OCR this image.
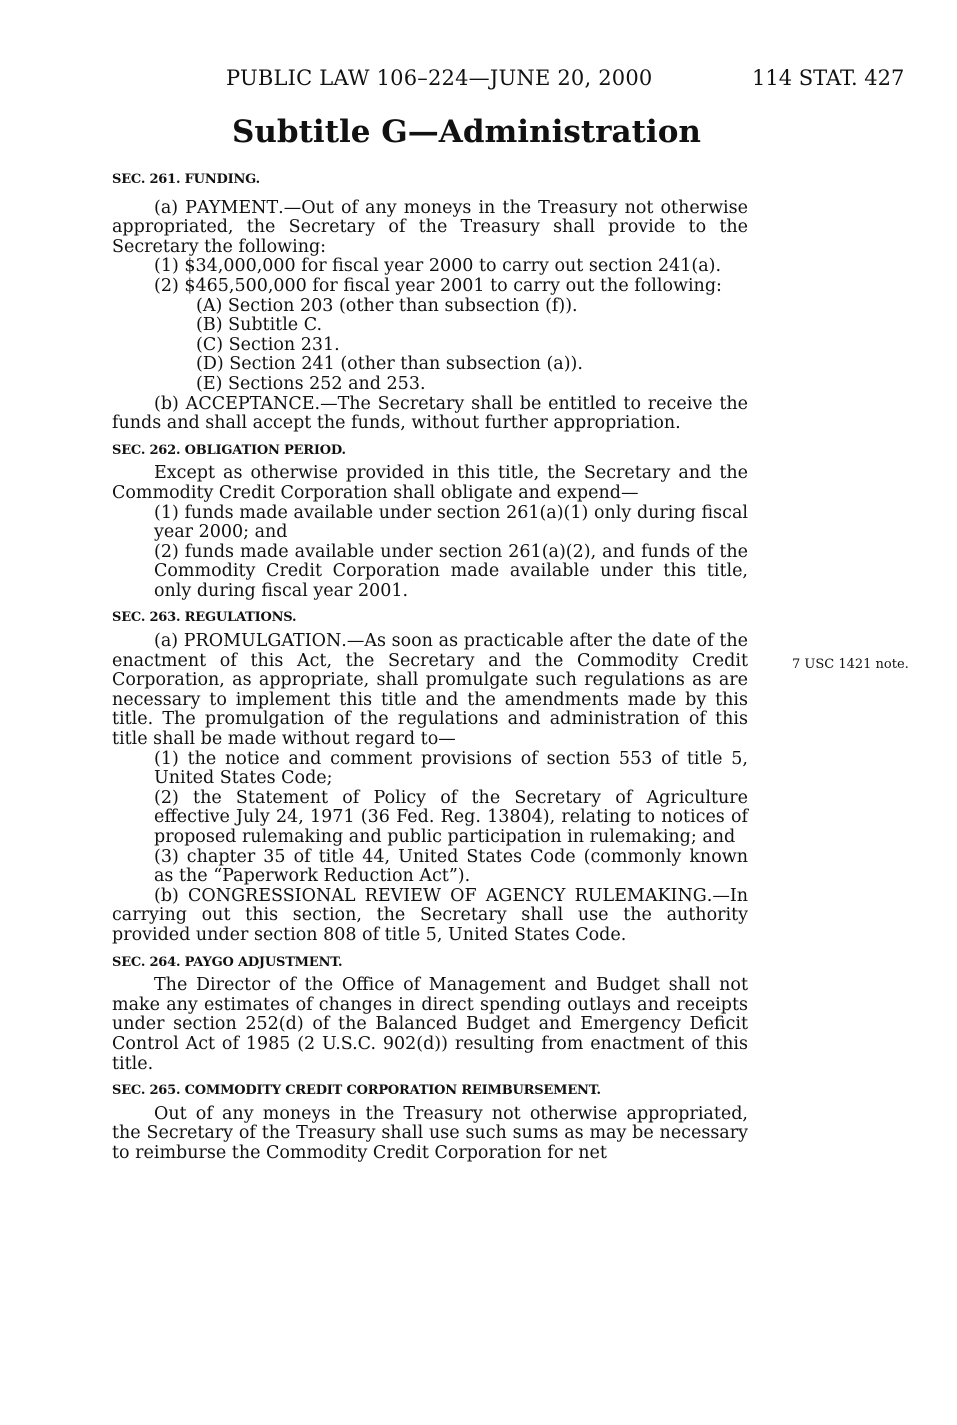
PUBLIC LAW 106–224—JUNE 20, 2000	114 STAT. 427
Subtitle G—Administration
7 USC 1421 note.
SEC. 261. FUNDING.

(a) PAYMENT.—Out of any moneys in the Treasury not otherwise appropriated, the Secretary of the Treasury shall provide to the Secretary the following:

(1) $34,000,000 for fiscal year 2000 to carry out section 241(a).

(2) $465,500,000 for fiscal year 2001 to carry out the following:

(A) Section 203 (other than subsection (f)).

(B) Subtitle C.

(C) Section 231.

(D) Section 241 (other than subsection (a)).

(E) Sections 252 and 253.

(b) ACCEPTANCE.—The Secretary shall be entitled to receive the funds and shall accept the funds, without further appropriation.

SEC. 262. OBLIGATION PERIOD.

Except as otherwise provided in this title, the Secretary and the Commodity Credit Corporation shall obligate and expend—

(1) funds made available under section 261(a)(1) only during fiscal year 2000; and

(2) funds made available under section 261(a)(2), and funds of the Commodity Credit Corporation made available under this title, only during fiscal year 2001.

SEC. 263. REGULATIONS.

(a) PROMULGATION.—As soon as practicable after the date of the enactment of this Act, the Secretary and the Commodity Credit Corporation, as appropriate, shall promulgate such regulations as are necessary to implement this title and the amendments made by this title. The promulgation of the regulations and administration of this title shall be made without regard to—

(1) the notice and comment provisions of section 553 of title 5, United States Code;

(2) the Statement of Policy of the Secretary of Agriculture effective July 24, 1971 (36 Fed. Reg. 13804), relating to notices of proposed rulemaking and public participation in rulemaking; and

(3) chapter 35 of title 44, United States Code (commonly known as the “Paperwork Reduction Act”).

(b) CONGRESSIONAL REVIEW OF AGENCY RULEMAKING.—In carrying out this section, the Secretary shall use the authority provided under section 808 of title 5, United States Code.

SEC. 264. PAYGO ADJUSTMENT.

The Director of the Office of Management and Budget shall not make any estimates of changes in direct spending outlays and receipts under section 252(d) of the Balanced Budget and Emergency Deficit Control Act of 1985 (2 U.S.C. 902(d)) resulting from enactment of this title.

SEC. 265. COMMODITY CREDIT CORPORATION REIMBURSEMENT.

Out of any moneys in the Treasury not otherwise appropriated, the Secretary of the Treasury shall use such sums as may be necessary to reimburse the Commodity Credit Corporation for net
